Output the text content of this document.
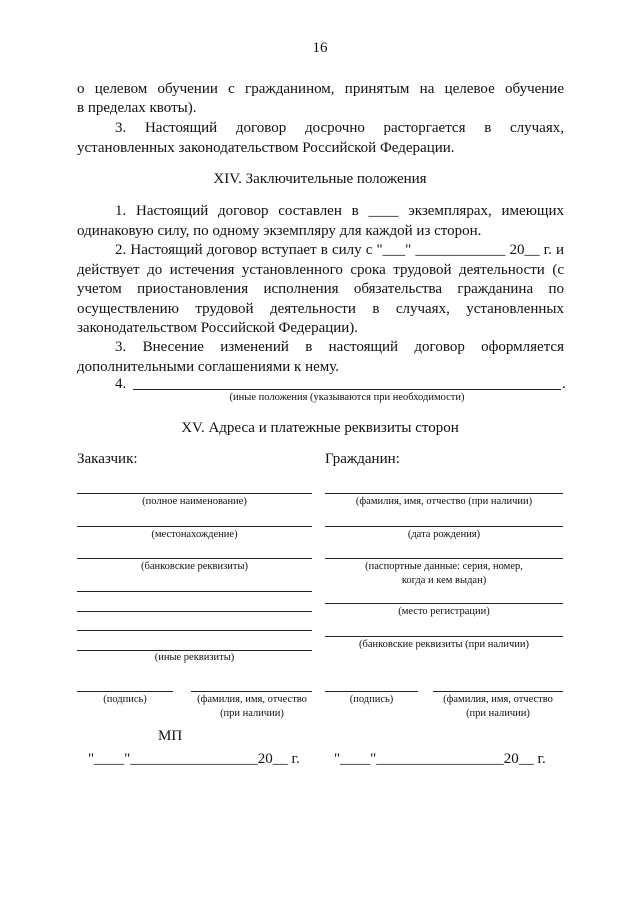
16
о целевом обучении с гражданином, принятым на целевое обучение
в пределах квоты).
3. Настоящий договор досрочно расторгается в случаях,
установленных законодательством Российской Федерации.
XIV. Заключительные положения
1. Настоящий договор составлен в ____ экземплярах, имеющих одинаковую силу, по одному экземпляру для каждой из сторон.
2. Настоящий договор вступает в силу с "___" ____________ 20__ г. и действует до истечения установленного срока трудовой деятельности (с учетом приостановления исполнения обязательства гражданина по осуществлению трудовой деятельности в случаях, установленных законодательством Российской Федерации).
3. Внесение изменений в настоящий договор оформляется дополнительными соглашениями к нему.
4.	.
(иные положения (указываются при необходимости)
XV. Адреса и платежные реквизиты сторон
Заказчик:
(полное наименование)
(местонахождение)
(банковские реквизиты)
(иные реквизиты)
(подпись)	(фамилия, имя, отчество
(при наличии)
МП
"____"_________________20__ г.
Гражданин:
(фамилия, имя, отчество (при наличии)
(дата рождения)
(паспортные данные: серия, номер,
когда и кем выдан)
(место регистрации)
(банковские реквизиты (при наличии)
(подпись)	(фамилия, имя, отчество
(при наличии)
"____"_________________20__ г.
